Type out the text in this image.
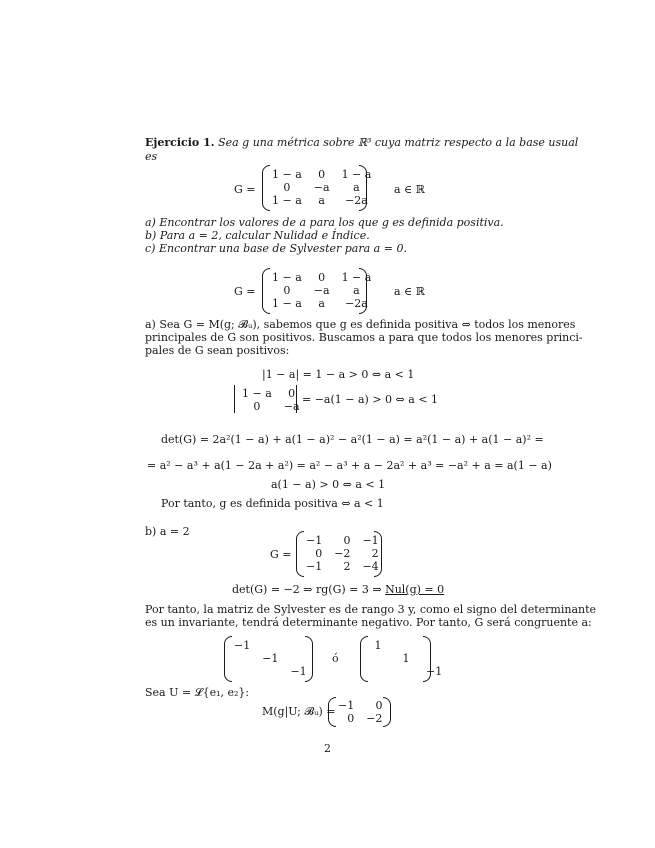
Ejercicio 1. Sea g una métrica sobre ℝ³ cuya matriz respecto a la base usual
es
G =
1 − a	0	1 − a
0	−a	a
1 − a	a	−2a
a ∈ ℝ
a) Encontrar los valores de a para los que g es definida positiva.
b) Para a = 2, calcular Nulidad e Índice.
c) Encontrar una base de Sylvester para a = 0.
G =
1 − a	0	1 − a
0	−a	a
1 − a	a	−2a
a ∈ ℝ
a) Sea G = M(g; 𝓑ᵤ), sabemos que g es definida positiva ⇔ todos los menores
principales de G son positivos. Buscamos a para que todos los menores princi-
pales de G sean positivos:
|1 − a| = 1 − a > 0 ⇔ a < 1
1 − a	0
0	−a
= −a(1 − a) > 0 ⇔ a < 1
det(G) = 2a²(1 − a) + a(1 − a)² − a²(1 − a) = a²(1 − a) + a(1 − a)² =
= a² − a³ + a(1 − 2a + a²) = a² − a³ + a − 2a² + a³ = −a² + a = a(1 − a)
a(1 − a) > 0 ⇔ a < 1
Por tanto, g es definida positiva ⇔ a < 1
b) a = 2
G =
−1	0	−1
0	−2	2
−1	2	−4
det(G) = −2 ⇒ rg(G) = 3 ⇒ Nul(g) = 0
Por tanto, la matriz de Sylvester es de rango 3 y, como el signo del determinante
es un invariante, tendrá determinante negativo. Por tanto, G será congruente a:
−1		
	−1	
		−1
ó
1		
	1	
		−1
Sea U = 𝓛{e₁, e₂}:
M(g|U; 𝓑ᵤ) = −1	0
0	−2
2
